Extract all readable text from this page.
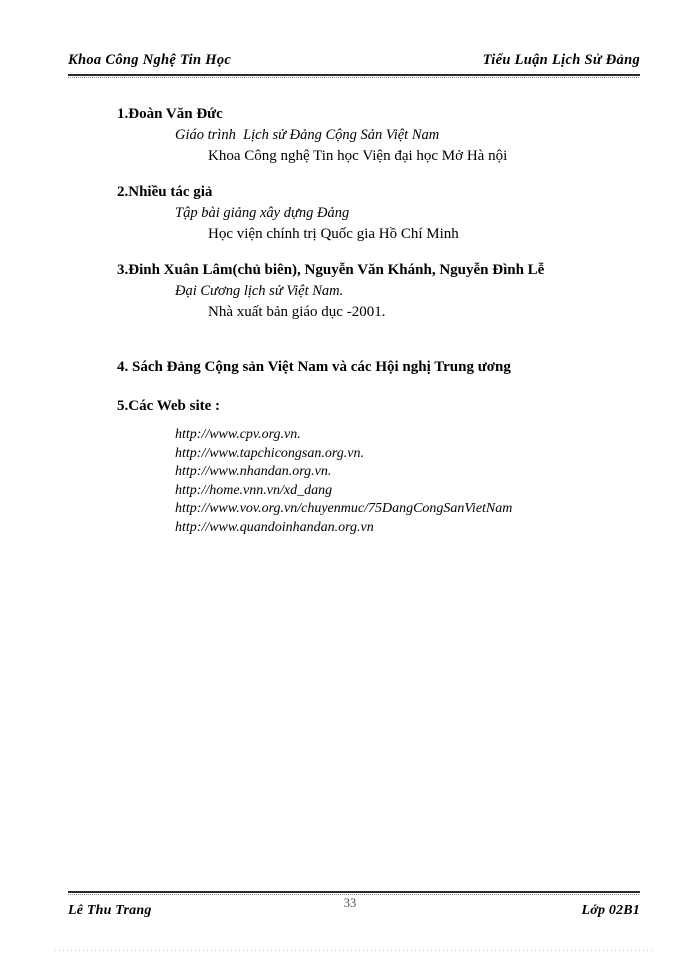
Khoa Công Nghệ Tin Học	Tiểu Luận Lịch Sử Đảng
1.Đoàn Văn Đức
Giáo trình  Lịch sử Đảng Cộng Sản Việt Nam
Khoa Công nghệ Tin học Viện đại học Mở Hà nội
2.Nhiều tác giả
Tập bài giảng xây dựng Đảng
Học viện chính trị Quốc gia Hồ Chí Minh
3.Đinh Xuân Lâm(chủ biên), Nguyễn Văn Khánh, Nguyễn Đình Lễ
Đại Cương lịch sử Việt Nam.
Nhà xuất bản giáo dục -2001.
4. Sách Đảng Cộng sản Việt Nam và các Hội nghị Trung ương
5.Các Web site :
http://www.cpv.org.vn.
http://www.tapchicongsan.org.vn.
http://www.nhandan.org.vn.
http://home.vnn.vn/xd_dang
http://www.vov.org.vn/chuyenmuc/75DangCongSanVietNam
http://www.quandoinhandan.org.vn
33
Lê Thu Trang	Lớp 02B1
